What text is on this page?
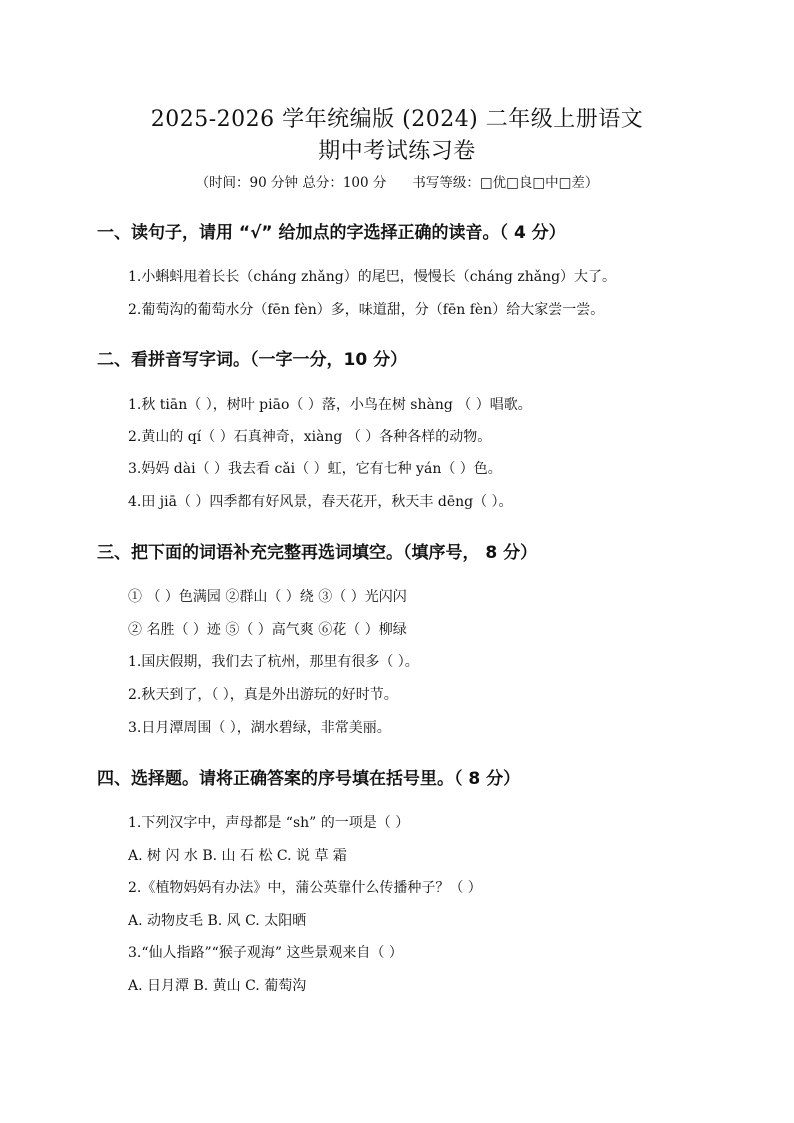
2025-2026 学年统编版 (2024) 二年级上册语文
期中考试练习卷
（时间：90 分钟 总分：100 分 书写等级：□优□良□中□差）
一、读句子，请用 “√” 给加点的字选择正确的读音。（ 4 分）
1.小蝌蚪甩着长长（cháng zhǎng）的尾巴，慢慢长（cháng zhǎng）大了。
2.葡萄沟的葡萄水分（fēn fèn）多，味道甜，分（fēn fèn）给大家尝一尝。
二、看拼音写字词。（一字一分，10 分）
1.秋 tiān（ ），树叶 piāo（ ）落，小鸟在树 shàng （ ）唱歌。
2.黄山的 qí（ ）石真神奇，xiàng （ ）各种各样的动物。
3.妈妈 dài（ ）我去看 cǎi（ ）虹，它有七种 yán（ ）色。
4.田 jiā（ ）四季都有好风景，春天花开，秋天丰 dēng（ ）。
三、把下面的词语补充完整再选词填空。（填序号， 8 分）
① （ ）色满园 ②群山（ ）绕 ③（ ）光闪闪
② 名胜（ ）迹 ⑤（ ）高气爽 ⑥花（ ）柳绿
1.国庆假期，我们去了杭州，那里有很多（ ）。
2.秋天到了，（ ），真是外出游玩的好时节。
3.日月潭周围（ ），湖水碧绿，非常美丽。
四、选择题。请将正确答案的序号填在括号里。（ 8 分）
1.下列汉字中，声母都是 “sh” 的一项是（ ）
A. 树 闪 水 B. 山 石 松 C. 说 草 霜
2.《植物妈妈有办法》中，蒲公英靠什么传播种子？（ ）
A. 动物皮毛 B. 风 C. 太阳晒
3.“仙人指路”“猴子观海” 这些景观来自（ ）
A. 日月潭 B. 黄山 C. 葡萄沟
